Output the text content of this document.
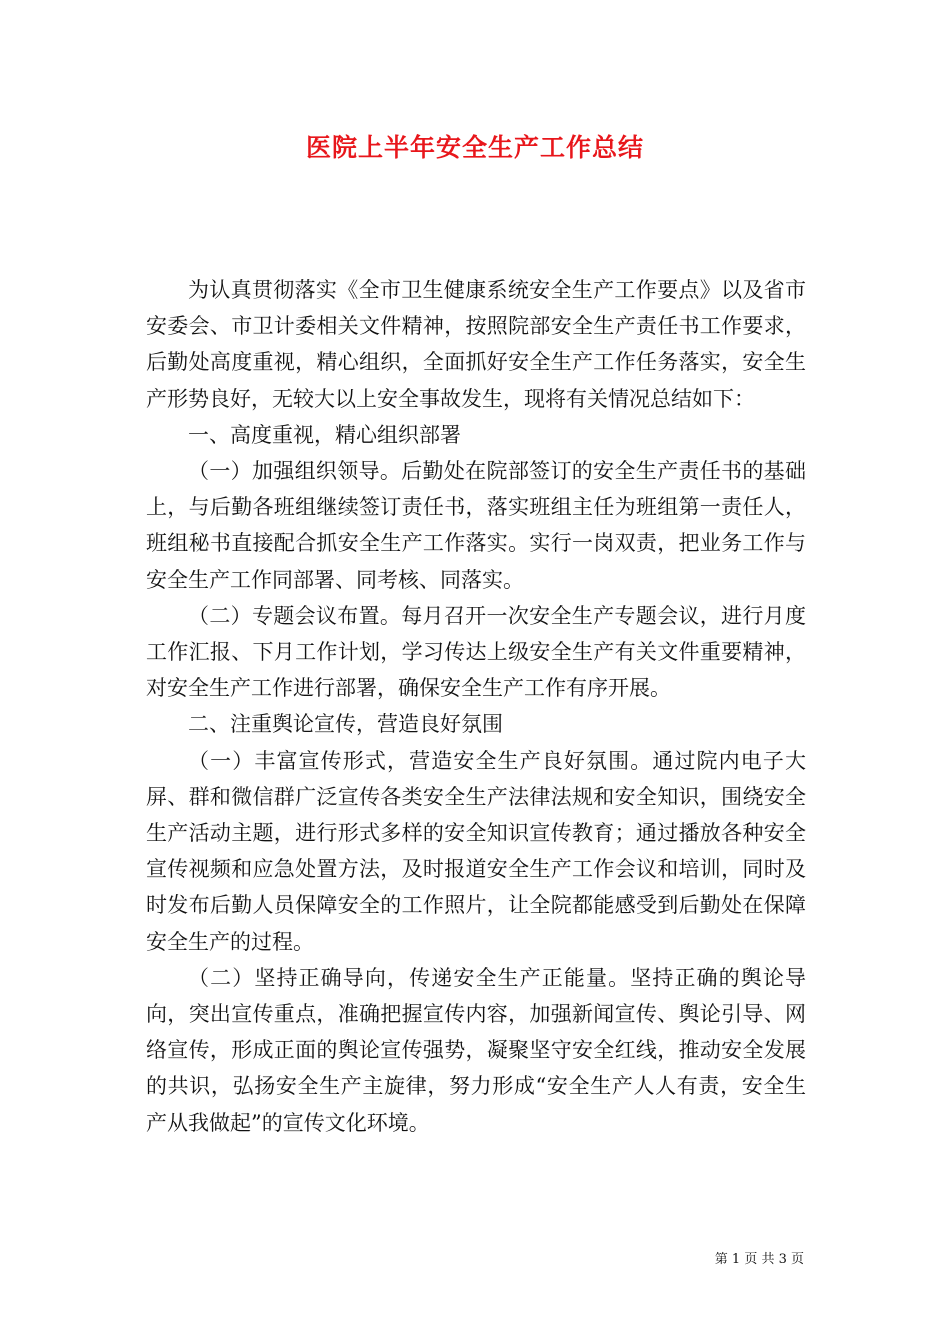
医院上半年安全生产工作总结

为认真贯彻落实《全市卫生健康系统安全生产工作要点》以及省市安委会、市卫计委相关文件精神，按照院部安全生产责任书工作要求，后勤处高度重视，精心组织，全面抓好安全生产工作任务落实，安全生产形势良好，无较大以上安全事故发生，现将有关情况总结如下：

一、高度重视，精心组织部署

（一）加强组织领导。后勤处在院部签订的安全生产责任书的基础上，与后勤各班组继续签订责任书，落实班组主任为班组第一责任人，班组秘书直接配合抓安全生产工作落实。实行一岗双责，把业务工作与安全生产工作同部署、同考核、同落实。

（二）专题会议布置。每月召开一次安全生产专题会议，进行月度工作汇报、下月工作计划，学习传达上级安全生产有关文件重要精神，对安全生产工作进行部署，确保安全生产工作有序开展。

二、注重舆论宣传，营造良好氛围

（一）丰富宣传形式，营造安全生产良好氛围。通过院内电子大屏、群和微信群广泛宣传各类安全生产法律法规和安全知识，围绕安全生产活动主题，进行形式多样的安全知识宣传教育；通过播放各种安全宣传视频和应急处置方法，及时报道安全生产工作会议和培训，同时及时发布后勤人员保障安全的工作照片，让全院都能感受到后勤处在保障安全生产的过程。

（二）坚持正确导向，传递安全生产正能量。坚持正确的舆论导向，突出宣传重点，准确把握宣传内容，加强新闻宣传、舆论引导、网络宣传，形成正面的舆论宣传强势，凝聚坚守安全红线，推动安全发展的共识，弘扬安全生产主旋律，努力形成“安全生产人人有责，安全生产从我做起”的宣传文化环境。

第 1 页 共 3 页
